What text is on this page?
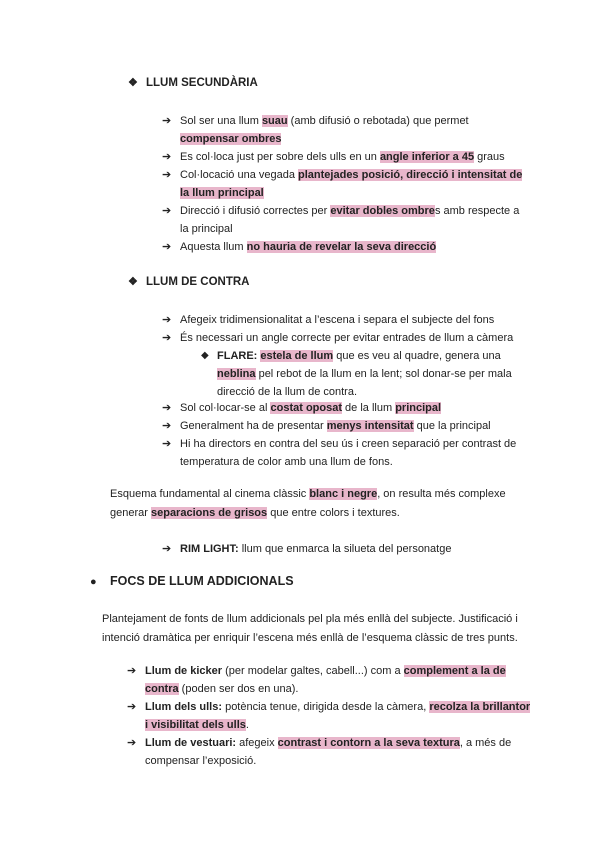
❖ LLUM SECUNDÀRIA
➔ Sol ser una llum suau (amb difusió o rebotada) que permet compensar ombres
➔ Es col·loca just per sobre dels ulls en un angle inferior a 45 graus
➔ Col·locació una vegada plantejades posició, direcció i intensitat de la llum principal
➔ Direcció i difusió correctes per evitar dobles ombres amb respecte a la principal
➔ Aquesta llum no hauria de revelar la seva direcció
❖ LLUM DE CONTRA
➔ Afegeix tridimensionalitat a l’escena i separa el subjecte del fons
➔ És necessari un angle correcte per evitar entrades de llum a càmera
◆ FLARE: estela de llum que es veu al quadre, genera una neblina pel rebot de la llum en la lent; sol donar-se per mala direcció de la llum de contra.
➔ Sol col·locar-se al costat oposat de la llum principal
➔ Generalment ha de presentar menys intensitat que la principal
➔ Hi ha directors en contra del seu ús i creen separació per contrast de temperatura de color amb una llum de fons.
Esquema fundamental al cinema clàssic blanc i negre, on resulta més complexe generar separacions de grisos que entre colors i textures.
➔ RIM LIGHT: llum que enmarca la silueta del personatge
● FOCS DE LLUM ADDICIONALS
Plantejament de fonts de llum addicionals pel pla més enllà del subjecte. Justificació i intenció dramàtica per enriquir l’escena més enllà de l’esquema clàssic de tres punts.
➔ Llum de kicker (per modelar galtes, cabell...) com a complement a la de contra (poden ser dos en una).
➔ Llum dels ulls: potència tenue, dirigida desde la càmera, recolza la brillantor i visibilitat dels ulls.
➔ Llum de vestuari: afegeix contrast i contorn a la seva textura, a més de compensar l’exposició.
